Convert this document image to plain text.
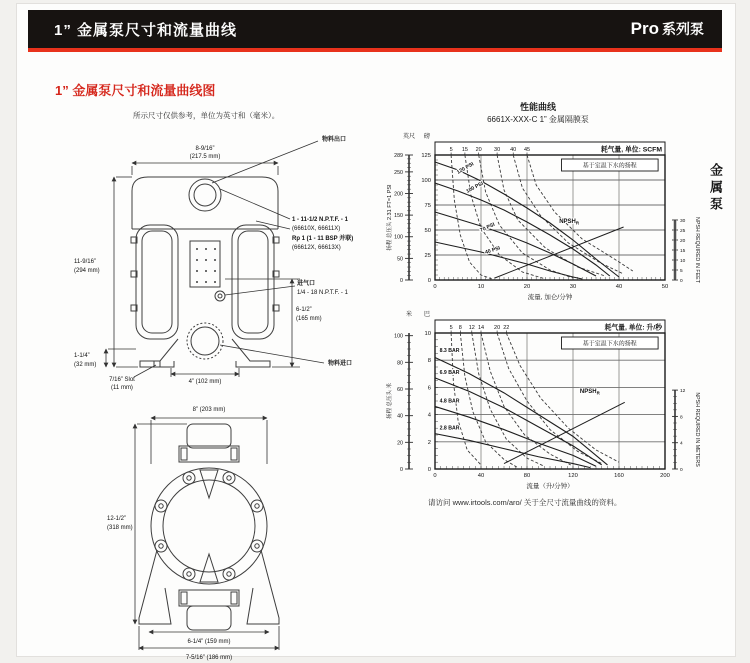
1” 金属泵尺寸和流量曲线	Pro 系列泵
金属泵
1” 金属泵尺寸和流量曲线图
所示尺寸仅供参考，单位为英寸和（毫米）。
8-9/16”
(217.5 mm)
物料出口
11-9/16”
(294 mm)
1 - 11-1/2 N.P.T.F. - 1
(66610X, 66611X)
Rp 1 (1 - 11 BSP 并联)
(66612X, 66613X)
进气口
1/4 - 18 N.P.T.F. - 1
6-1/2”
(165 mm)
物料进口
1-1/4”
(32 mm)
4” (102 mm)
7/16” Slot
(11 mm)
8” (203 mm)
12-1/2”
(318 mm)
6-1/4” (159 mm)
7-5/16” (186 mm)
性能曲线
6661X-XXX-C 1” 金属隔膜泵
5 15 20 30 40 45	耗气量, 单位: SCFM
0	10	20	30	40	50
0
25
50
75
100
125
磅
英尺
流量, 加仑/分钟
0
50
100
150
200
250
289
扬程 总压头 2.31 FT=1 PSI
基于室温下水的扬程
120 PSI
100 PSI
70 PSI
40 PSI
$NPSH_R$
0
5
10
15
20
25
30 NPSH REQUIRED IN FEET
5 8 12 14 20 22	耗气量, 单位: 升/秒
0	40	80	120	160	200
0
2
4
6
8
10
巴
米
流量（升/分钟）
0
20
40
60
80
100
扬程 总压头 米
基于室温下水的扬程
8.3 BAR
6.9 BAR
4.8 BAR
2.8 BAR
$NPSH_R$
0
4
8
12
NPSH REQUIRED IN METERS
请访问 www.irtools.com/aro/ 关于全尺寸流量曲线的资料。
